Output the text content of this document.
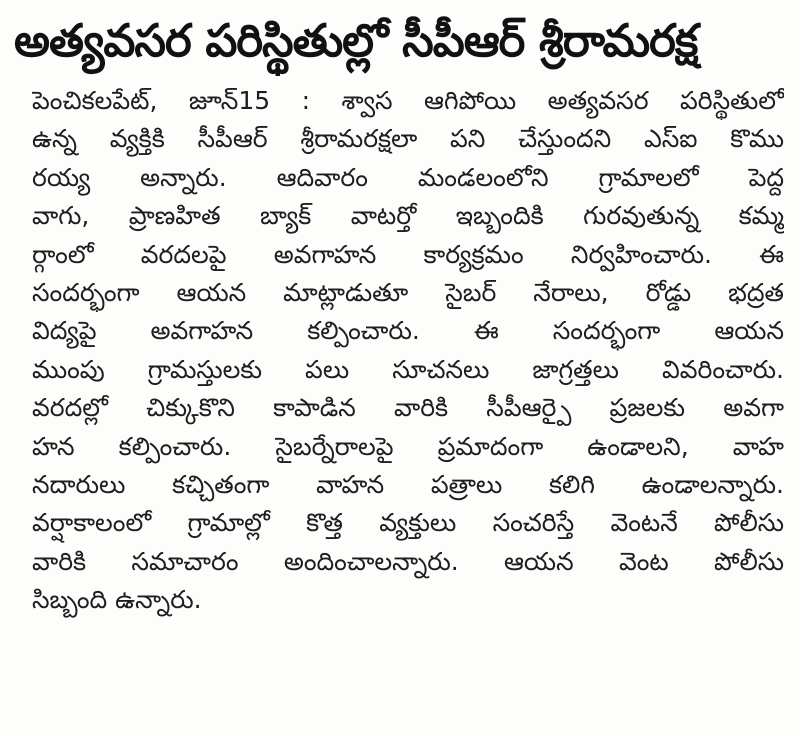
అత్యవసర పరిస్థితుల్లో సీపీఆర్ శ్రీరామరక్ష
పెంచికలపేట్, జూన్15 : శ్వాస ఆగిపోయి అత్యవసర పరిస్థితులో
ఉన్న వ్యక్తికి సీపీఆర్ శ్రీరామరక్షలా పని చేస్తుందని ఎస్ఐ కొము
రయ్య అన్నారు. ఆదివారం మండలంలోని గ్రామాలలో పెద్ద
వాగు, ప్రాణహిత బ్యాక్ వాటర్తో ఇబ్బందికి గురవుతున్న కమ్మ
ర్గాంలో వరదలపై అవగాహన కార్యక్రమం నిర్వహించారు. ఈ
సందర్భంగా ఆయన మాట్లాడుతూ సైబర్ నేరాలు, రోడ్డు భద్రత
విద్యపై అవగాహన కల్పించారు. ఈ సందర్భంగా ఆయన
ముంపు గ్రామస్తులకు పలు సూచనలు జాగ్రత్తలు వివరించారు.
వరదల్లో చిక్కుకొని కాపాడిన వారికి సీపీఆర్పై ప్రజలకు అవగా
హన కల్పించారు. సైబర్నేరాలపై ప్రమాదంగా ఉండాలని, వాహ
నదారులు కచ్చితంగా వాహన పత్రాలు కలిగి ఉండాలన్నారు.
వర్షాకాలంలో గ్రామాల్లో కొత్త వ్యక్తులు సంచరిస్తే వెంటనే పోలీసు
వారికి సమాచారం అందించాలన్నారు. ఆయన వెంట పోలీసు
సిబ్బంది ఉన్నారు.
